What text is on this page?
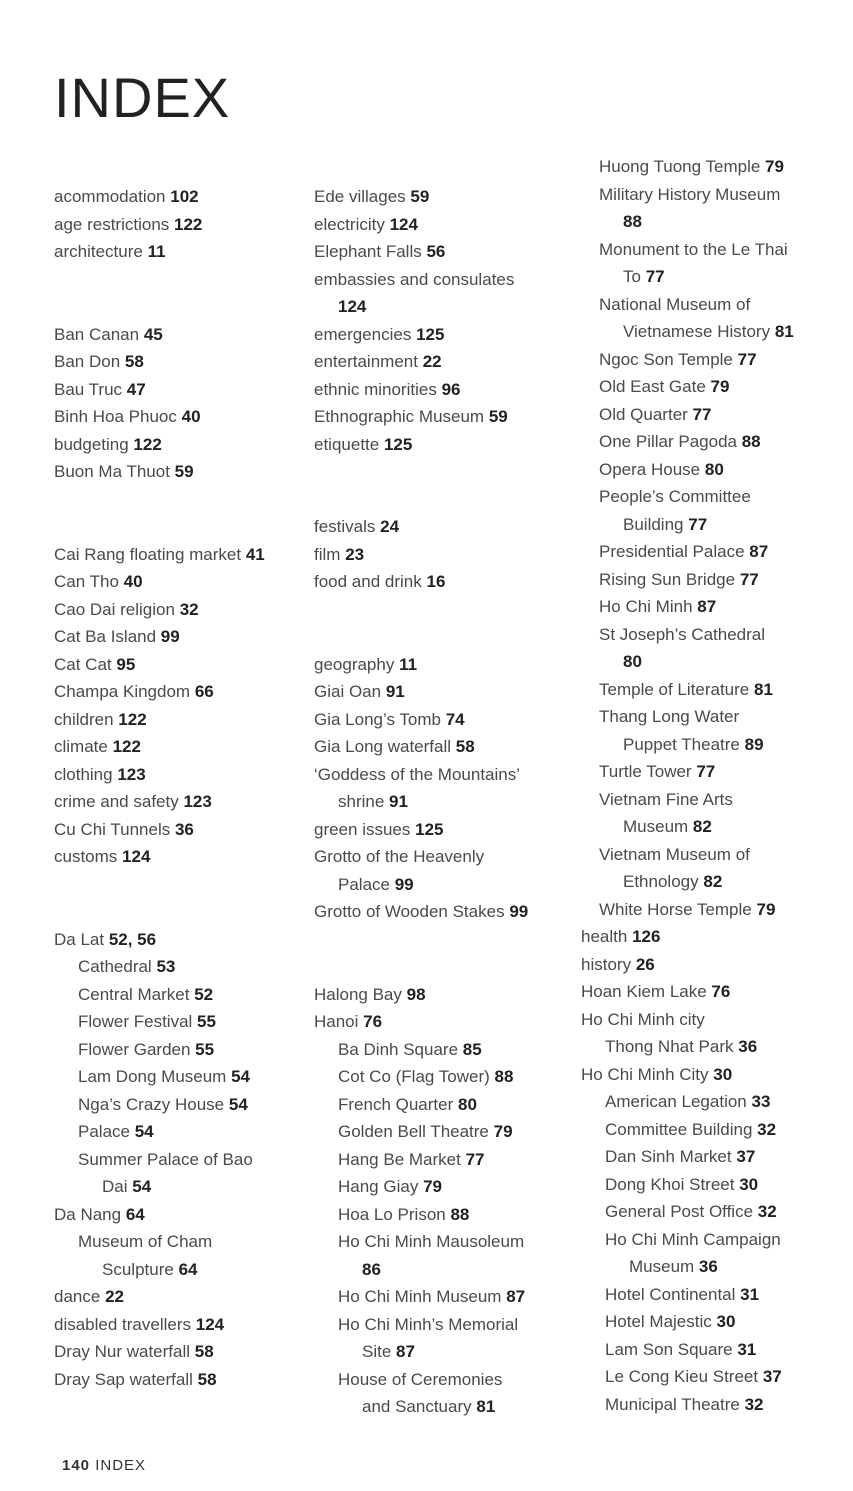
INDEX
acommodation 102
age restrictions 122
architecture 11
Ban Canan 45
Ban Don 58
Bau Truc 47
Binh Hoa Phuoc 40
budgeting 122
Buon Ma Thuot 59
Cai Rang floating market 41
Can Tho 40
Cao Dai religion 32
Cat Ba Island 99
Cat Cat 95
Champa Kingdom 66
children 122
climate 122
clothing 123
crime and safety 123
Cu Chi Tunnels 36
customs 124
Da Lat 52, 56
Cathedral 53
Central Market 52
Flower Festival 55
Flower Garden 55
Lam Dong Museum 54
Nga’s Crazy House 54
Palace 54
Summer Palace of Bao
Dai 54
Da Nang 64
Museum of Cham
Sculpture 64
dance 22
disabled travellers 124
Dray Nur waterfall 58
Dray Sap waterfall 58
Ede villages 59
electricity 124
Elephant Falls 56
embassies and consulates
124
emergencies 125
entertainment 22
ethnic minorities 96
Ethnographic Museum 59
etiquette 125
festivals 24
film 23
food and drink 16
geography 11
Giai Oan 91
Gia Long’s Tomb 74
Gia Long waterfall 58
‘Goddess of the Mountains’
shrine 91
green issues 125
Grotto of the Heavenly
Palace 99
Grotto of Wooden Stakes 99
Halong Bay 98
Hanoi 76
Ba Dinh Square 85
Cot Co (Flag Tower) 88
French Quarter 80
Golden Bell Theatre 79
Hang Be Market 77
Hang Giay 79
Hoa Lo Prison 88
Ho Chi Minh Mausoleum
86
Ho Chi Minh Museum 87
Ho Chi Minh’s Memorial
Site 87
House of Ceremonies
and Sanctuary 81
Huong Tuong Temple 79
Military History Museum
88
Monument to the Le Thai
To 77
National Museum of
Vietnamese History 81
Ngoc Son Temple 77
Old East Gate 79
Old Quarter 77
One Pillar Pagoda 88
Opera House 80
People’s Committee
Building 77
Presidential Palace 87
Rising Sun Bridge 77
Ho Chi Minh 87
St Joseph’s Cathedral
80
Temple of Literature 81
Thang Long Water
Puppet Theatre 89
Turtle Tower 77
Vietnam Fine Arts
Museum 82
Vietnam Museum of
Ethnology 82
White Horse Temple 79
health 126
history 26
Hoan Kiem Lake 76
Ho Chi Minh city
Thong Nhat Park 36
Ho Chi Minh City 30
American Legation 33
Committee Building 32
Dan Sinh Market 37
Dong Khoi Street 30
General Post Office 32
Ho Chi Minh Campaign
Museum 36
Hotel Continental 31
Hotel Majestic 30
Lam Son Square 31
Le Cong Kieu Street 37
Municipal Theatre 32
140 INDEX
